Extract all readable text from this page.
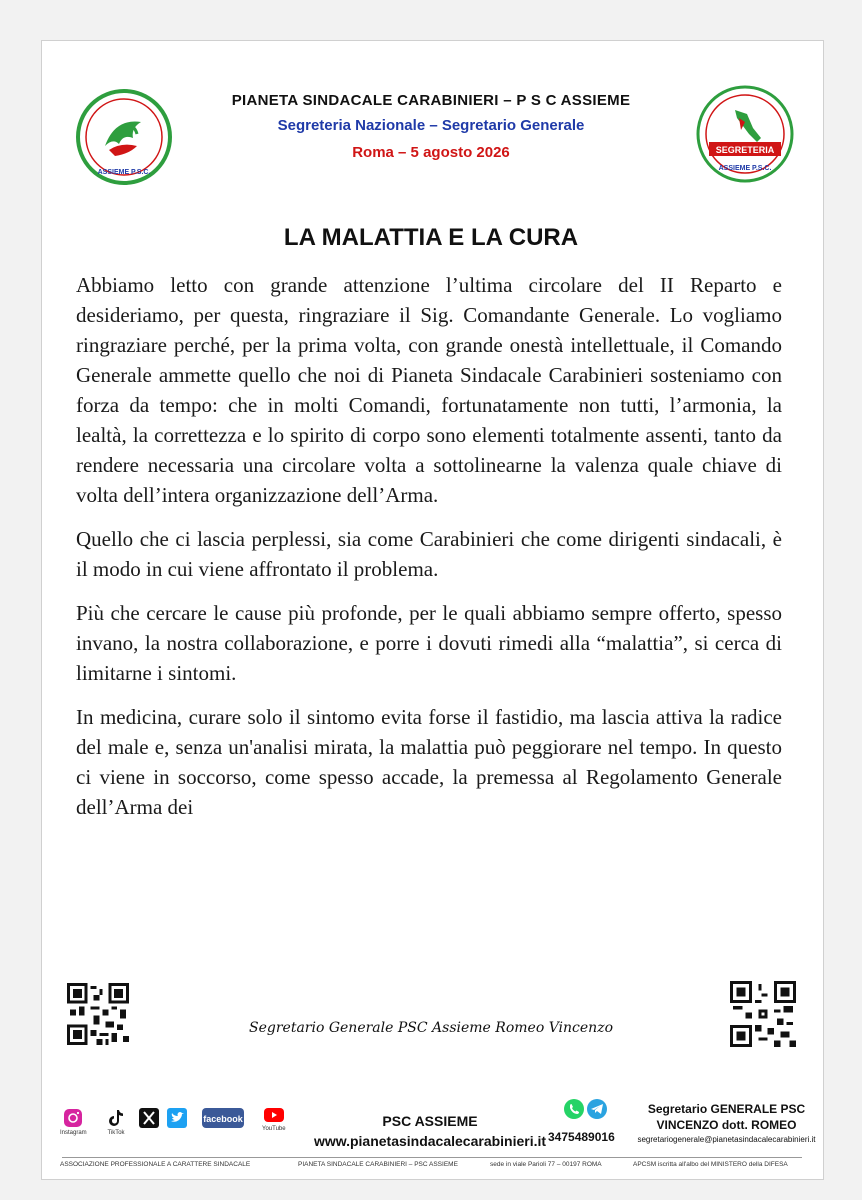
ASSIEME P.S.C.
SEGRETERIA
ASSIEME P.S.C.
PIANETA SINDACALE CARABINIERI – P S C ASSIEME
Segreteria Nazionale – Segretario Generale
Roma – 5 agosto 2026
LA MALATTIA E LA CURA

Abbiamo letto con grande attenzione l’ultima circolare del II Reparto e desideriamo, per questa, ringraziare il Sig. Comandante Generale. Lo vogliamo ringraziare perché, per la prima volta, con grande onestà intellettuale, il Comando Generale ammette quello che noi di Pianeta Sindacale Carabinieri sosteniamo con forza da tempo: che in molti Comandi, fortunatamente non tutti, l’armonia, la lealtà, la correttezza e lo spirito di corpo sono elementi totalmente assenti, tanto da rendere necessaria una circolare volta a sottolinearne la valenza quale chiave di volta dell’intera organizzazione dell’Arma.

Quello che ci lascia perplessi, sia come Carabinieri che come dirigenti sindacali, è il modo in cui viene affrontato il problema.

Più che cercare le cause più profonde, per le quali abbiamo sempre offerto, spesso invano, la nostra collaborazione, e porre i dovuti rimedi alla “malattia”, si cerca di limitarne i sintomi.

In medicina, curare solo il sintomo evita forse il fastidio, ma lascia attiva la radice del male e, senza un'analisi mirata, la malattia può peggiorare nel tempo. In questo ci viene in soccorso, come spesso accade, la premessa al Regolamento Generale dell’Arma dei

Segretario Generale PSC Assieme Romeo Vincenzo
Instagram	TikTok
facebook
YouTube	PSC ASSIEME
www.pianetasindacalecarabinieri.it 3475489016
Segretario GENERALE PSC
VINCENZO dott. ROMEO
segretariogenerale@pianetasindacalecarabinieri.it
ASSOCIAZIONE PROFESSIONALE A CARATTERE SINDACALE	PIANETA SINDACALE CARABINIERI – PSC ASSIEME	sede in viale Parioli 77 – 00197 ROMA	APCSM iscritta all'albo del MINISTERO della DIFESA
